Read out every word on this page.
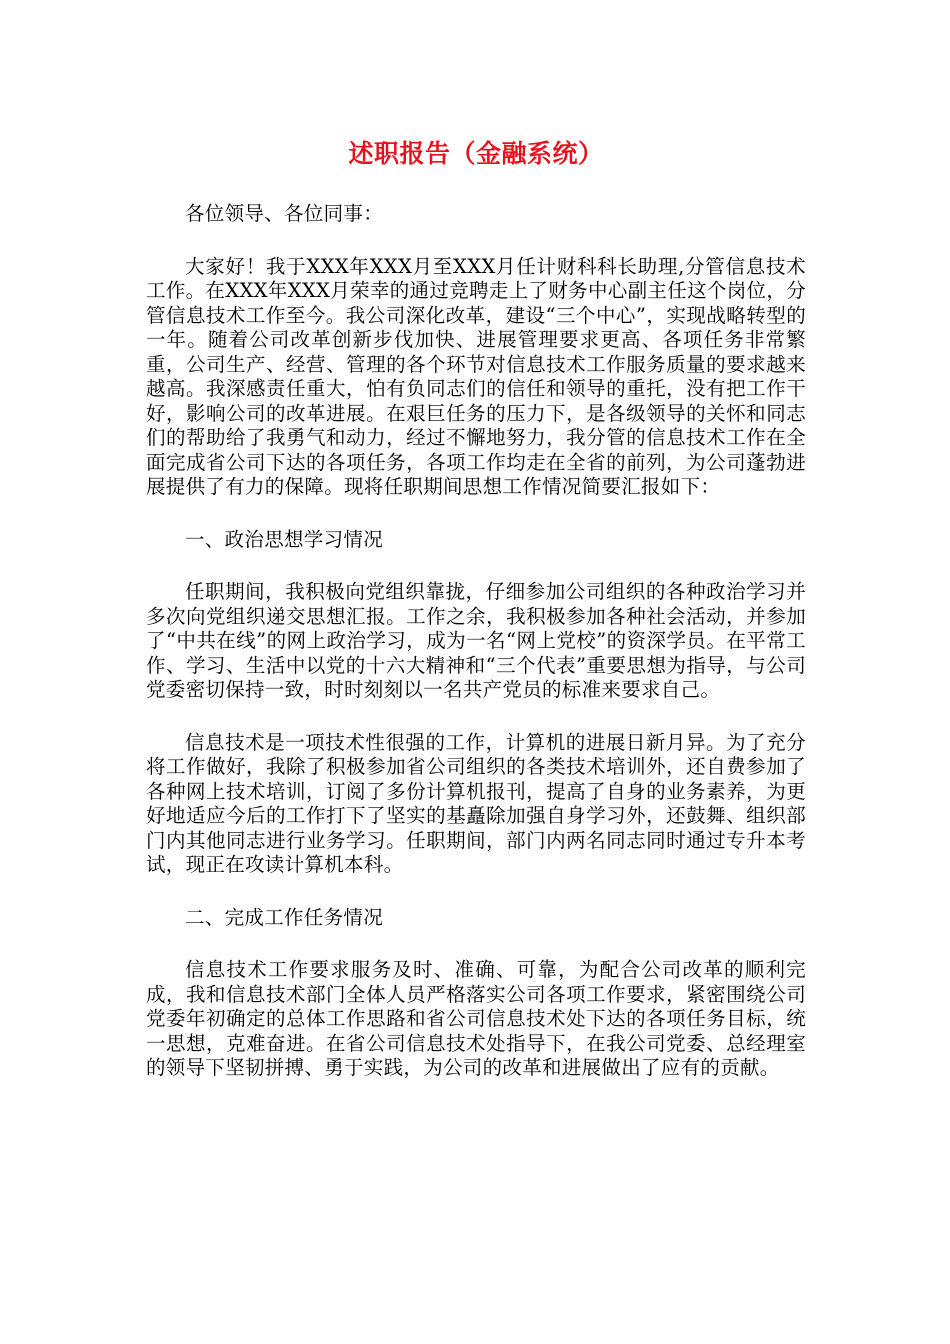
述职报告（金融系统）

各位领导、各位同事：

大家好！我于XXX年XXX月至XXX月任计财科科长助理,分管信息技术工作。在XXX年XXX月荣幸的通过竞聘走上了财务中心副主任这个岗位，分管信息技术工作至今。我公司深化改革，建设“三个中心”，实现战略转型的一年。随着公司改革创新步伐加快、进展管理要求更高、各项任务非常繁重，公司生产、经营、管理的各个环节对信息技术工作服务质量的要求越来越高。我深感责任重大，怕有负同志们的信任和领导的重托，没有把工作干好，影响公司的改革进展。在艰巨任务的压力下，是各级领导的关怀和同志们的帮助给了我勇气和动力，经过不懈地努力，我分管的信息技术工作在全面完成省公司下达的各项任务，各项工作均走在全省的前列，为公司蓬勃进展提供了有力的保障。现将任职期间思想工作情况简要汇报如下：

一、政治思想学习情况

任职期间，我积极向党组织靠拢，仔细参加公司组织的各种政治学习并多次向党组织递交思想汇报。工作之余，我积极参加各种社会活动，并参加了“中共在线”的网上政治学习，成为一名“网上党校”的资深学员。在平常工作、学习、生活中以党的十六大精神和“三个代表”重要思想为指导，与公司党委密切保持一致，时时刻刻以一名共产党员的标准来要求自己。

信息技术是一项技术性很强的工作，计算机的进展日新月异。为了充分将工作做好，我除了积极参加省公司组织的各类技术培训外，还自费参加了各种网上技术培训，订阅了多份计算机报刊，提高了自身的业务素养，为更好地适应今后的工作打下了坚实的基矗除加强自身学习外，还鼓舞、组织部门内其他同志进行业务学习。任职期间，部门内两名同志同时通过专升本考试，现正在攻读计算机本科。

二、完成工作任务情况

信息技术工作要求服务及时、准确、可靠，为配合公司改革的顺利完成，我和信息技术部门全体人员严格落实公司各项工作要求，紧密围绕公司党委年初确定的总体工作思路和省公司信息技术处下达的各项任务目标，统一思想，克难奋进。在省公司信息技术处指导下，在我公司党委、总经理室的领导下坚韧拼搏、勇于实践，为公司的改革和进展做出了应有的贡献。
